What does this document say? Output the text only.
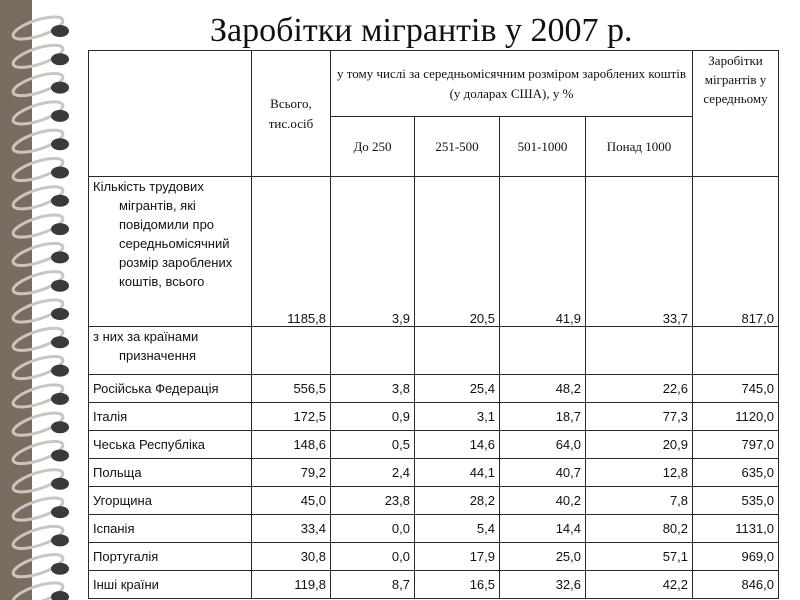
Заробітки мігрантів у 2007 р.
	Всього, тис.осіб	у тому числі за середньомісячним розміром зароблених коштів (у доларах США), у %				Заробітки мігрантів у середньому
		До 250	251-500	501-1000	Понад 1000	

Кількість трудових мігрантів, які повідомили про середньомісячний розмір зароблених коштів, всього	1185,8	3,9	20,5	41,9	33,7	817,0

з них за країнами призначення						

Російська Федерація	556,5	3,8	25,4	48,2	22,6	745,0
Італія	172,5	0,9	3,1	18,7	77,3	1120,0
Чеська Республіка	148,6	0,5	14,6	64,0	20,9	797,0
Польща	79,2	2,4	44,1	40,7	12,8	635,0
Угорщина	45,0	23,8	28,2	40,2	7,8	535,0
Іспанія	33,4	0,0	5,4	14,4	80,2	1131,0
Португалія	30,8	0,0	17,9	25,0	57,1	969,0
Інші країни	119,8	8,7	16,5	32,6	42,2	846,0
